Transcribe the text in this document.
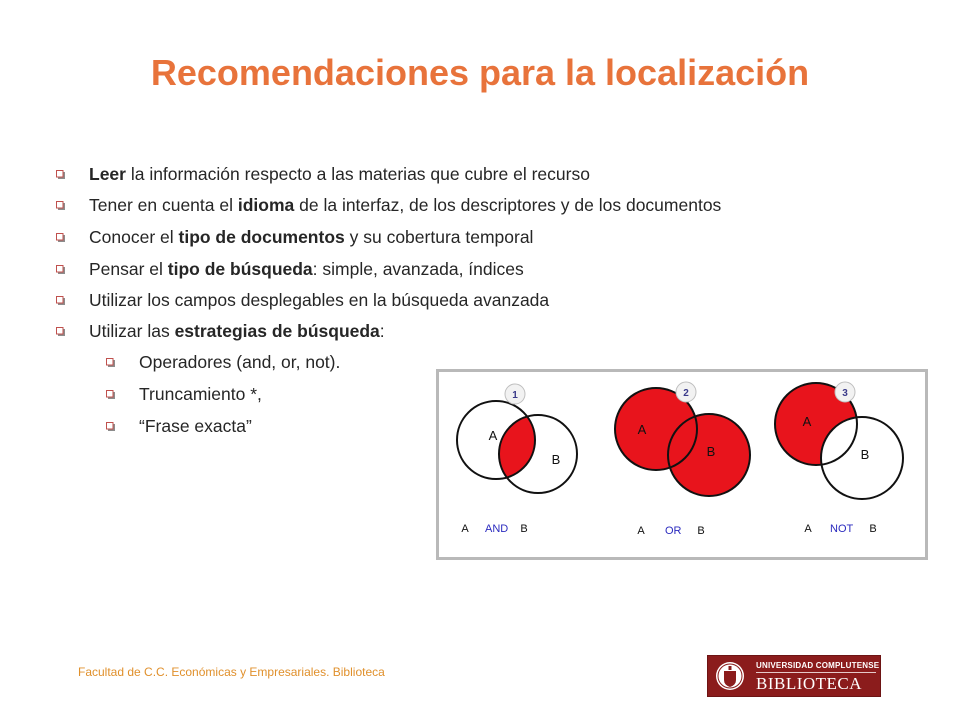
Recomendaciones para la localización
Leer la información respecto a las materias que cubre el recurso
Tener en cuenta el idioma de la interfaz, de los descriptores y de los documentos
Conocer el tipo de documentos y su cobertura temporal
Pensar el tipo de búsqueda: simple, avanzada, índices
Utilizar los campos desplegables en la búsqueda avanzada
Utilizar las estrategias de búsqueda:
Operadores (and, or, not).
Truncamiento *,
“Frase exacta”
1
A
B
A AND B
2
A
B
A OR B
3
A
B
A NOT B
Facultad de C.C. Económicas y Empresariales. Biblioteca	UNIVERSIDAD COMPLUTENSE
BIBLIOTECA
